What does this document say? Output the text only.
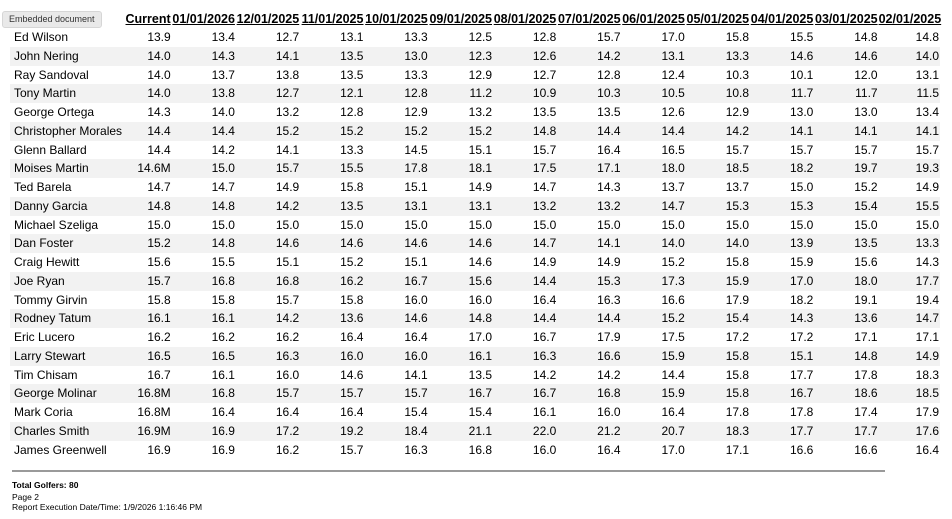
Embedded document
		Current	01/01/2026	12/01/2025	11/01/2025	10/01/2025	09/01/2025	08/01/2025	07/01/2025	06/01/2025	05/01/2025	04/01/2025	03/01/2025	02/01/2025
Ed Wilson	13.9	13.4	12.7	13.1	13.3	12.5	12.8	15.7	17.0	15.8	15.5	14.8	14.8
John Nering	14.0	14.3	14.1	13.5	13.0	12.3	12.6	14.2	13.1	13.3	14.6	14.6	14.0
Ray Sandoval	14.0	13.7	13.8	13.5	13.3	12.9	12.7	12.8	12.4	10.3	10.1	12.0	13.1
Tony Martin	14.0	13.8	12.7	12.1	12.8	11.2	10.9	10.3	10.5	10.8	11.7	11.7	11.5
George Ortega	14.3	14.0	13.2	12.8	12.9	13.2	13.5	13.5	12.6	12.9	13.0	13.0	13.4
Christopher Morales	14.4	14.4	15.2	15.2	15.2	15.2	14.8	14.4	14.4	14.2	14.1	14.1	14.1
Glenn Ballard	14.4	14.2	14.1	13.3	14.5	15.1	15.7	16.4	16.5	15.7	15.7	15.7	15.7
Moises Martin	14.6M	15.0	15.7	15.5	17.8	18.1	17.5	17.1	18.0	18.5	18.2	19.7	19.3
Ted Barela	14.7	14.7	14.9	15.8	15.1	14.9	14.7	14.3	13.7	13.7	15.0	15.2	14.9
Danny Garcia	14.8	14.8	14.2	13.5	13.1	13.1	13.2	13.2	14.7	15.3	15.3	15.4	15.5
Michael Szeliga	15.0	15.0	15.0	15.0	15.0	15.0	15.0	15.0	15.0	15.0	15.0	15.0	15.0
Dan Foster	15.2	14.8	14.6	14.6	14.6	14.6	14.7	14.1	14.0	14.0	13.9	13.5	13.3
Craig Hewitt	15.6	15.5	15.1	15.2	15.1	14.6	14.9	14.9	15.2	15.8	15.9	15.6	14.3
Joe Ryan	15.7	16.8	16.8	16.2	16.7	15.6	14.4	15.3	17.3	15.9	17.0	18.0	17.7
Tommy Girvin	15.8	15.8	15.7	15.8	16.0	16.0	16.4	16.3	16.6	17.9	18.2	19.1	19.4
Rodney Tatum	16.1	16.1	14.2	13.6	14.6	14.8	14.4	14.4	15.2	15.4	14.3	13.6	14.7
Eric Lucero	16.2	16.2	16.2	16.4	16.4	17.0	16.7	17.9	17.5	17.2	17.2	17.1	17.1
Larry Stewart	16.5	16.5	16.3	16.0	16.0	16.1	16.3	16.6	15.9	15.8	15.1	14.8	14.9
Tim Chisam	16.7	16.1	16.0	14.6	14.1	13.5	14.2	14.2	14.4	15.8	17.7	17.8	18.3
George Molinar	16.8M	16.8	15.7	15.7	15.7	16.7	16.7	16.8	15.9	15.8	16.7	18.6	18.5
Mark Coria	16.8M	16.4	16.4	16.4	15.4	15.4	16.1	16.0	16.4	17.8	17.8	17.4	17.9
Charles Smith	16.9M	16.9	17.2	19.2	18.4	21.1	22.0	21.2	20.7	18.3	17.7	17.7	17.6
James Greenwell	16.9	16.9	16.2	15.7	16.3	16.8	16.0	16.4	17.0	17.1	16.6	16.6	16.4
Total Golfers: 80
Page 2
Report Execution Date/Time: 1/9/2026 1:16:46 PM
